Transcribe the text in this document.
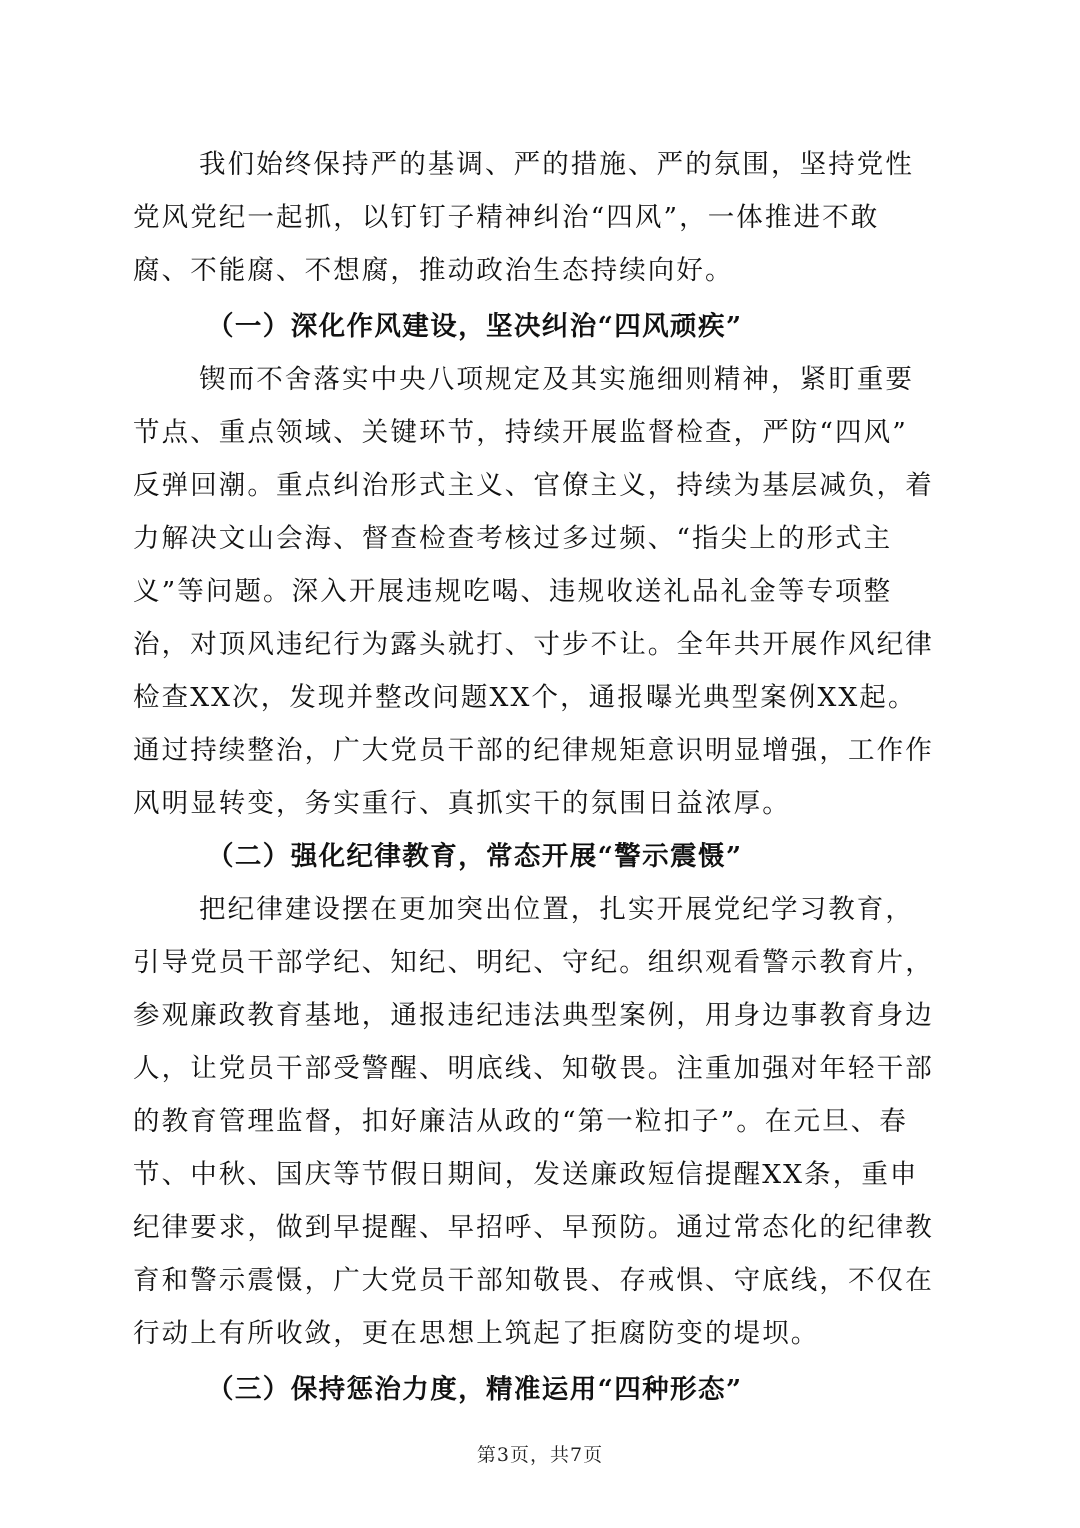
我们始终保持严的基调、严的措施、严的氛围，坚持党性
党风党纪一起抓，以钉钉子精神纠治“四风”，一体推进不敢
腐、不能腐、不想腐，推动政治生态持续向好。
（一）深化作风建设，坚决纠治“四风顽疾”
锲而不舍落实中央八项规定及其实施细则精神，紧盯重要
节点、重点领域、关键环节，持续开展监督检查，严防“四风”
反弹回潮。重点纠治形式主义、官僚主义，持续为基层减负，着
力解决文山会海、督查检查考核过多过频、“指尖上的形式主
义”等问题。深入开展违规吃喝、违规收送礼品礼金等专项整
治，对顶风违纪行为露头就打、寸步不让。全年共开展作风纪律
检查XX次，发现并整改问题XX个，通报曝光典型案例XX起。
通过持续整治，广大党员干部的纪律规矩意识明显增强，工作作
风明显转变，务实重行、真抓实干的氛围日益浓厚。
（二）强化纪律教育，常态开展“警示震慑”
把纪律建设摆在更加突出位置，扎实开展党纪学习教育，
引导党员干部学纪、知纪、明纪、守纪。组织观看警示教育片，
参观廉政教育基地，通报违纪违法典型案例，用身边事教育身边
人，让党员干部受警醒、明底线、知敬畏。注重加强对年轻干部
的教育管理监督，扣好廉洁从政的“第一粒扣子”。在元旦、春
节、中秋、国庆等节假日期间，发送廉政短信提醒XX条，重申
纪律要求，做到早提醒、早招呼、早预防。通过常态化的纪律教
育和警示震慑，广大党员干部知敬畏、存戒惧、守底线，不仅在
行动上有所收敛，更在思想上筑起了拒腐防变的堤坝。
（三）保持惩治力度，精准运用“四种形态”
第3页，共7页
